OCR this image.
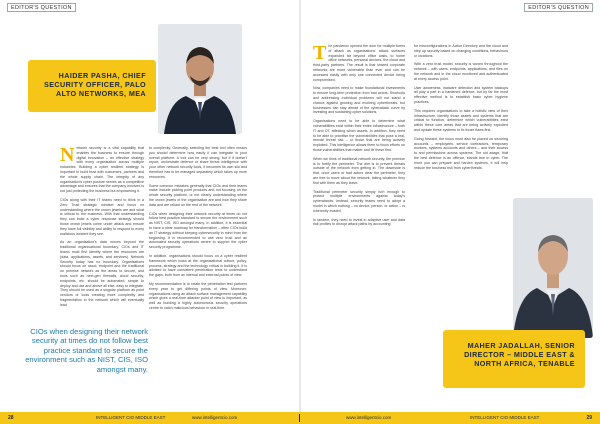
EDITOR'S QUESTION	EDITOR'S QUESTION
HAIDER PASHA, CHIEF SECURITY OFFICER, PALO ALTO NETWORKS, MEA

Network security is a vital capability that enables the business to ensure through digital innovation – an effective strategy with every organisation across multiple industries. Building a cyber resilient strategy is important to build trust with customers, partners and the whole supply chain. The integrity of any organisation's cyber posture serves as a competitive advantage and ensures that the company involved is not just protecting the business but empowering it.

CIOs along with their IT teams need to think in a Zero Trust strategic mindset and focus on understanding where the crown jewels are and what is critical to the business. With that understanding they can build a cyber response strategy should those crown jewels come under attack and ensure they have full visibility and ability to respond to every malicious incident they see.

As an organisation's data moves beyond the traditional organisational boundary, CIOs and IT teams must first identify where the resources are (data, applications, assets, and services). Network Security today has no boundary. Organisations should focus on cloud, endpoint and the traditional on premise network as the areas to secure, and tools such as next-gen firewalls, cloud security, endpoints, etc. should be automated, simple to deploy and use and above all else, easy to integrate. They should be used as a singular platform as point vendors or tools creating more complexity and fragmentation in the network which will eventually lead

to complexity. Generally, selecting the best tool often means you should determine how easily it can integrate in your overall platform. A tool can be very strong, but if it doesn't report, orchestrate defence or share threat intelligence with your other network security tools, it becomes its own silo and therefore has to be managed separately which takes up more resources.

Some common mistakes generally that CIOs and their teams make include picking point products and not focusing on the whole security platform, or not clearly understanding where the crown jewels of the organisation are and how they share data and are reliant on the rest of the network.

CIOs when designing their network security at times do not follow best practice standard to secure the environment such as NIST, CIS, ISO amongst many. In addition, it is essential to have a clear roadmap for transformation – often CIOs build an IT strategy without keeping cybersecurity in mind from the beginning. It is recommended to use zero trust and an automated security operations centre to support the cyber security programme.

In addition, organisations should focus on a cyber resilient framework which looks at the organisational culture, policy, process, strategy and the technology critical in building it. It is advised to have consistent penetration tests to understand the gaps, both from an internal and external points of view.

My recommendation is to rotate the penetration test partners every year to get differing points of view. Moreover, organisations using an attack surface management capability which gives a real-time attacker point of view is important, as well as building a highly autonomous security operations centre to catch malicious behaviour in real-time.

CIOs when designing their network security at times do not follow best practice standard to secure the environment such as NIST, CIS, ISO amongst many.

The pandemic opened the door for multiple forms of attack as organisations' attack surfaces expanded far beyond office walls, to home office networks, personal devices, the cloud and third-party partners. The result is that shared corporate networks are more vulnerable than ever and can be accessed easily with only one connected device being compromised.

Now, companies need to make foundational investments to ensure long-term protection from bad actors. Shortcuts and addressing individual problems will not stand a chance against growing and evolving cyberthreats, but businesses can stay ahead of the cyberattack curve by investing and sustaining cyber solutions.

Organisations need to be able to determine what vulnerabilities exist within their entire infrastructure – both IT and OT, affecting which assets. In addition, they need to be able to prioritise the vulnerabilities that pose a real, remote threat risk – or those that are being actively exploited. This intelligence allows them to focus efforts on those vulnerabilities that matter and fix these first.

When we think of traditional network security, the premise is to fortify the perimeter. The aim is to prevent threats outside of the network from getting in. The downside is that, once users or bad actors clear the perimeter, they are free to move about the network, taking whatever they find with them as they leave.

Traditional perimeter security simply isn't enough to protect multiple environments against today's cyberattacks. Instead, security teams need to adopt a model in which nothing – no device, person, or action – is inherently trusted.

In tandem, they need to invest in adaptive user and data risk profiles to disrupt attack paths by accounting

for misconfigurations in Active Directory and the cloud and step up security based on changing conditions, behaviours or locations.

With a zero trust model, security is woven throughout the network – with users, endpoints, applications, and files on the network and in the cloud monitored and authenticated at every access point.

User awareness, malware detection and system backups all play a part in a hardened defence, but by far the most effective method is to establish basic cyber hygiene practices.

This requires organisations to take a holistic view of their infrastructure, identify those assets and systems that are critical to function, determine which vulnerabilities exist within these core areas that are being actively exploited and update these systems to fix those flaws first.

Going forward, the focus must also be placed on securing accounts – employees, service contractors, temporary workers, systems accounts and others – and their access to and permissions across systems. The old adage, that the best defence is an offence, stands true in cyber. The more you can prepare and harden systems, it will help reduce the business risk from cyberthreats.

MAHER JADALLAH, SENIOR DIRECTOR – MIDDLE EAST & NORTH AFRICA, TENABLE
28	INTELLIGENT CIO MIDDLE EAST	www.intelligentcio.com	www.intelligentcio.com	INTELLIGENT CIO MIDDLE EAST	29
